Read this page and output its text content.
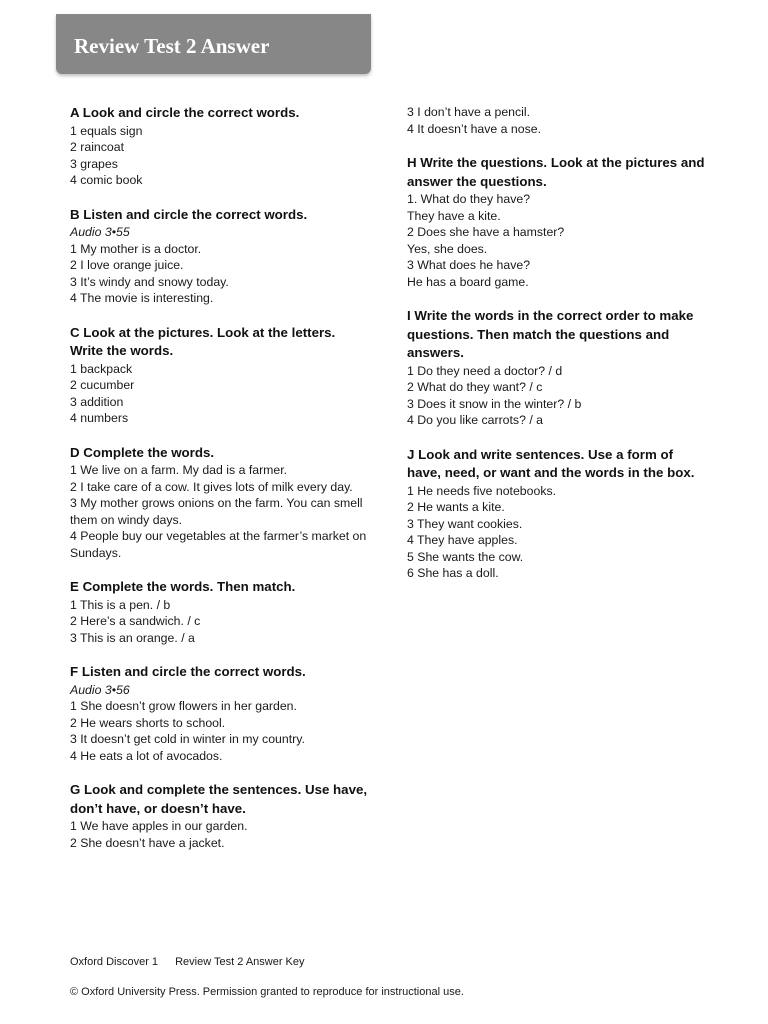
Review Test 2 Answer
A Look and circle the correct words.
1 equals sign
2 raincoat
3 grapes
4 comic book
B Listen and circle the correct words.
Audio 3•55
1 My mother is a doctor.
2 I love orange juice.
3 It’s windy and snowy today.
4 The movie is interesting.
C Look at the pictures. Look at the letters. Write the words.
1 backpack
2 cucumber
3 addition
4 numbers
D Complete the words.
1 We live on a farm. My dad is a farmer.
2 I take care of a cow. It gives lots of milk every day.
3 My mother grows onions on the farm. You can smell them on windy days.
4 People buy our vegetables at the farmer’s market on Sundays.
E Complete the words. Then match.
1 This is a pen. / b
2 Here’s a sandwich. / c
3 This is an orange. / a
F Listen and circle the correct words.
Audio 3•56
1 She doesn’t grow flowers in her garden.
2 He wears shorts to school.
3 It doesn’t get cold in winter in my country.
4 He eats a lot of avocados.
G Look and complete the sentences. Use have, don’t have, or doesn’t have.
1 We have apples in our garden.
2 She doesn’t have a jacket.
3 I don’t have a pencil.
4 It doesn’t have a nose.
H Write the questions. Look at the pictures and answer the questions.
1. What do they have?
They have a kite.
2 Does she have a hamster?
Yes, she does.
3 What does he have?
He has a board game.
I Write the words in the correct order to make questions. Then match the questions and answers.
1 Do they need a doctor? / d
2 What do they want? / c
3 Does it snow in the winter? / b
4 Do you like carrots? / a
J Look and write sentences. Use a form of have, need, or want and the words in the box.
1 He needs five notebooks.
2 He wants a kite.
3 They want cookies.
4 They have apples.
5 She wants the cow.
6 She has a doll.
Oxford Discover 1 Review Test 2 Answer Key
© Oxford University Press. Permission granted to reproduce for instructional use.
